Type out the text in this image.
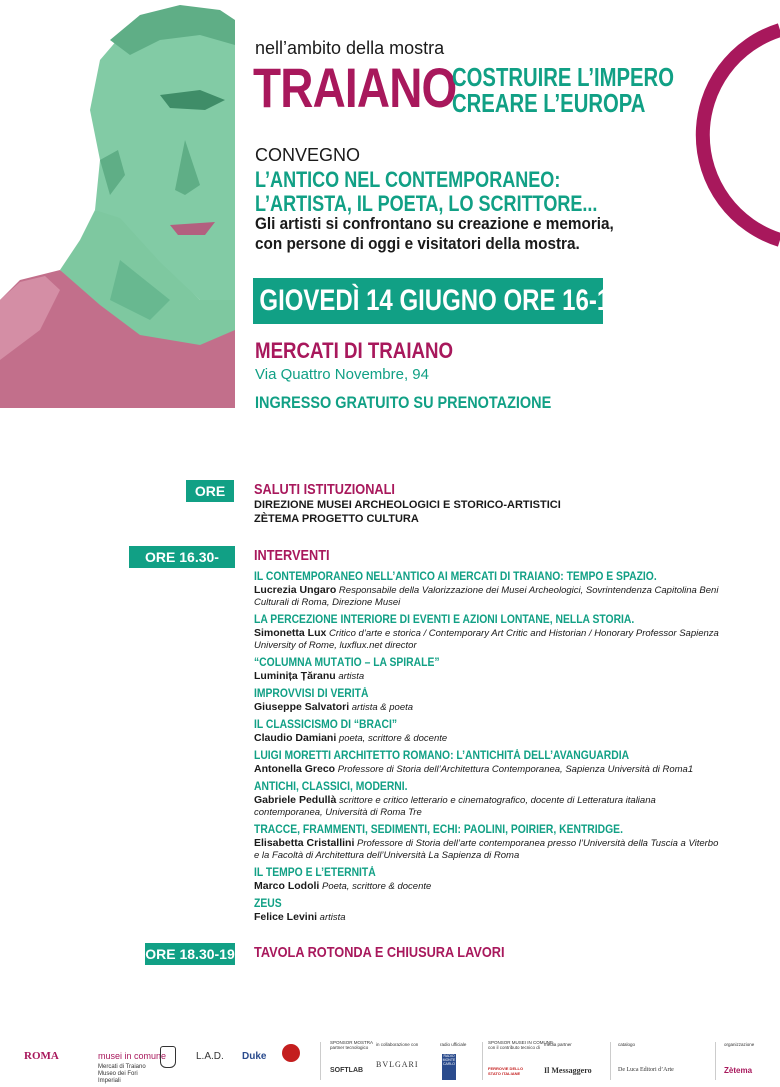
nell’ambito della mostra
TRAIANO
COSTRUIRE L’IMPERO
CREARE L’EUROPA
CONVEGNO
L’ANTICO NEL CONTEMPORANEO:
L’ARTISTA, IL POETA, LO SCRITTORE...
Gli artisti si confrontano su creazione e memoria,
con persone di oggi e visitatori della mostra.
GIOVEDÌ 14 GIUGNO ORE 16-19
MERCATI DI TRAIANO
Via Quattro Novembre, 94
INGRESSO GRATUITO SU PRENOTAZIONE
ORE 16
SALUTI ISTITUZIONALI
DIREZIONE MUSEI ARCHEOLOGICI E STORICO-ARTISTICI
ZÈTEMA PROGETTO CULTURA
ORE 16.30-18.30
INTERVENTI
IL CONTEMPORANEO NELL’ANTICO AI MERCATI DI TRAIANO: TEMPO E SPAZIO.
Lucrezia Ungaro Responsabile della Valorizzazione dei Musei Archeologici, Sovrintendenza Capitolina Beni Culturali di Roma, Direzione Musei
LA PERCEZIONE INTERIORE DI EVENTI E AZIONI LONTANE, NELLA STORIA.
Simonetta Lux Critico d’arte e storica / Contemporary Art Critic and Historian / Honorary Professor Sapienza University of Rome, luxflux.net director
“COLUMNA MUTĀTIO – LA SPIRALE”
Luminița Țăranu artista
IMPROVVISI DI VERITÀ
Giuseppe Salvatori artista & poeta
IL CLASSICISMO DI “BRACI”
Claudio Damiani poeta, scrittore & docente
LUIGI MORETTI ARCHITETTO ROMANO: L’ANTICHITÀ DELL’AVANGUARDIA
Antonella Greco Professore di Storia dell’Architettura Contemporanea, Sapienza Università di Roma1
ANTICHI, CLASSICI, MODERNI.
Gabriele Pedullà scrittore e critico letterario e cinematografico, docente di Letteratura italiana contemporanea, Università di Roma Tre
TRACCE, FRAMMENTI, SEDIMENTI, ECHI: PAOLINI, POIRIER, KENTRIDGE.
Elisabetta Cristallini Professore di Storia dell’arte contemporanea presso l’Università della Tuscia a Viterbo e la Facoltà di Architettura dell’Università La Sapienza di Roma
IL TEMPO E L’ETERNITÀ
Marco Lodoli Poeta, scrittore & docente
ZEUS
Felice Levini artista
ORE 18.30-19 TAVOLA ROTONDA E CHIUSURA LAVORI
ROMA	musei in comune
Mercati di Traiano Museo dei Fori Imperiali
L.A.D. Duke
SPONSOR MOSTRA
partner tecnologico
SOFTLAB
in collaborazione con
BVLGARI
radio ufficiale
RADIO MONTE CARLO
SPONSOR MUSEI IN COMUNE
con il contributo tecnico di
FERROVIE DELLO STATO ITALIANE
media partner
Il Messaggero
catalogo
De Luca Editori d’Arte
organizzazione
Zètema
